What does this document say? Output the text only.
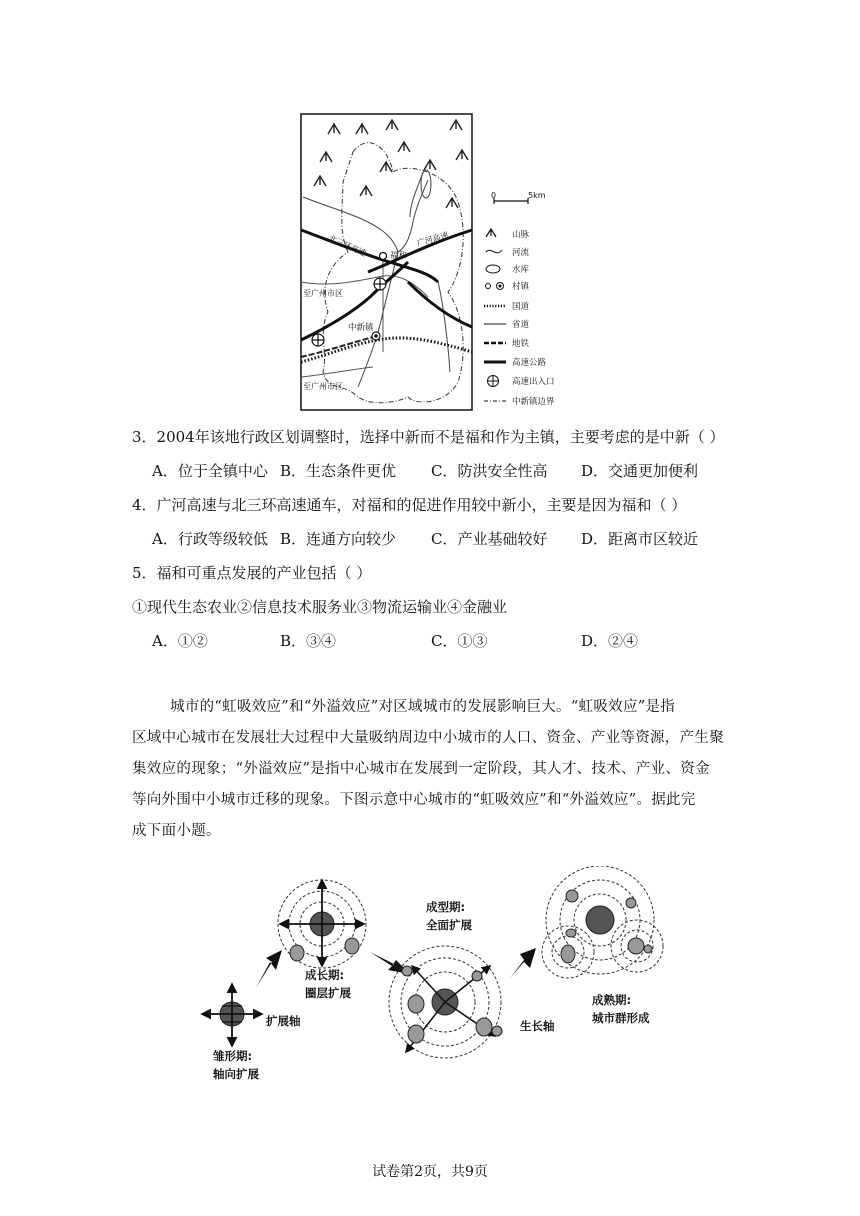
福和
广河高速
北三环高速
至广州市区
中新镇
至广州市区
0	5km
山脉
河流
水库
村镇
国道
省道
地铁
高速公路
高速出入口
中新镇边界
3．2004年该地行政区划调整时，选择中新而不是福和作为主镇，主要考虑的是中新（ ）
A．位于全镇中心 B．生态条件更优 C．防洪安全性高 D．交通更加便利
4．广河高速与北三环高速通车，对福和的促进作用较中新小，主要是因为福和（ ）
A．行政等级较低 B．连通方向较少 C．产业基础较好 D．距离市区较近
5．福和可重点发展的产业包括（ ）
①现代生态农业②信息技术服务业③物流运输业④金融业
A．①②	B．③④	C．①③	D．②④
城市的“虹吸效应”和“外溢效应”对区域城市的发展影响巨大。“虹吸效应”是指
区域中心城市在发展壮大过程中大量吸纳周边中小城市的人口、资金、产业等资源，产生聚
集效应的现象；“外溢效应”是指中心城市在发展到一定阶段，其人才、技术、产业、资金
等向外围中小城市迁移的现象。下图示意中心城市的“虹吸效应”和“外溢效应”。据此完
成下面小题。
雏形期:
轴向扩展
扩展轴
成长期:
圈层扩展
成型期:
全面扩展
生长轴
成熟期:
城市群形成
试卷第2页，共9页
